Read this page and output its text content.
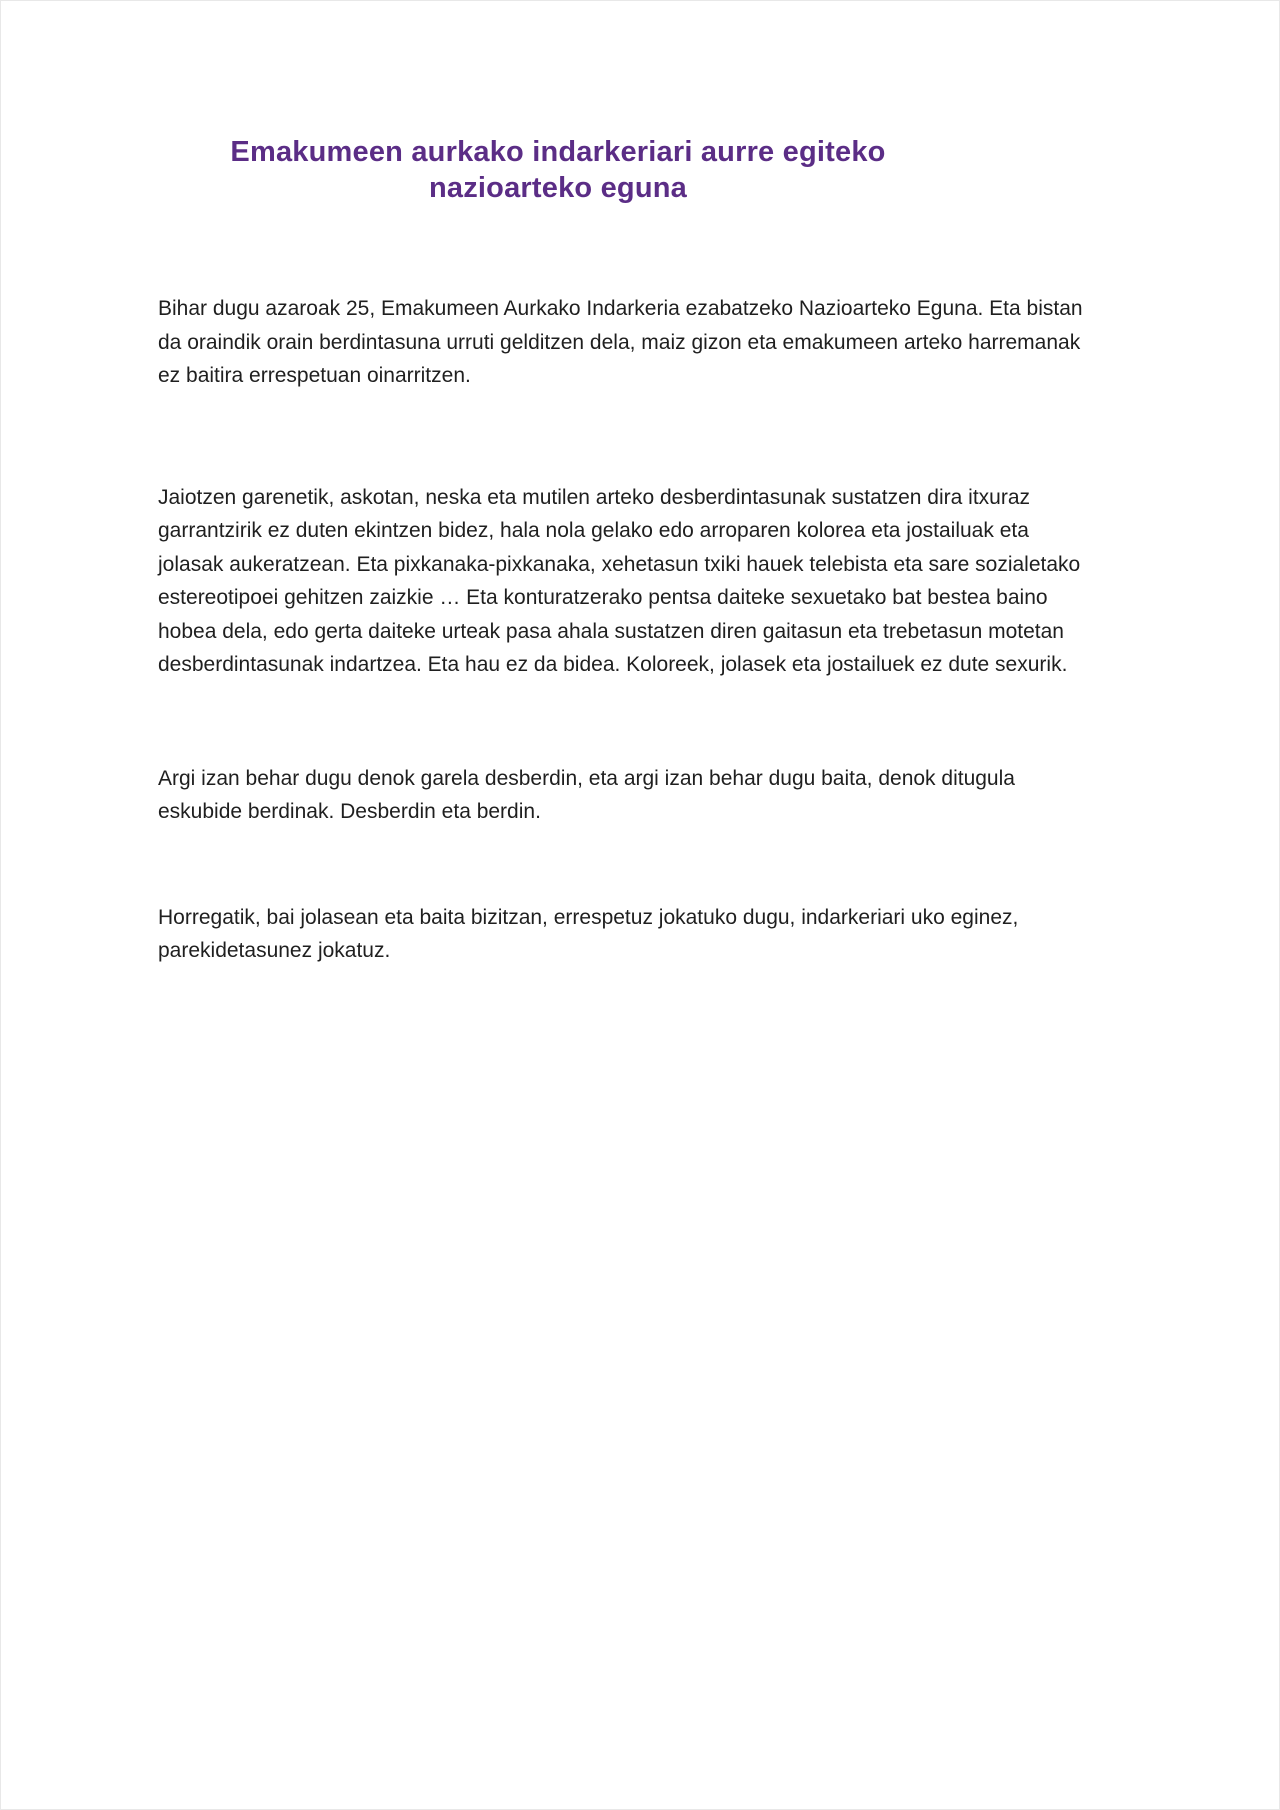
Emakumeen aurkako indarkeriari aurre egiteko nazioarteko eguna

Bihar dugu azaroak 25, Emakumeen Aurkako Indarkeria ezabatzeko Nazioarteko Eguna. Eta bistan da oraindik orain berdintasuna urruti gelditzen dela, maiz gizon eta emakumeen arteko harremanak ez baitira errespetuan oinarritzen.

Jaiotzen garenetik, askotan, neska eta mutilen arteko desberdintasunak sustatzen dira itxuraz garrantzirik ez duten ekintzen bidez, hala nola gelako edo arroparen kolorea eta jostailuak eta jolasak aukeratzean. Eta pixkanaka-pixkanaka, xehetasun txiki hauek telebista eta sare sozialetako estereotipoei gehitzen zaizkie … Eta konturatzerako pentsa daiteke sexuetako bat bestea baino hobea dela, edo gerta daiteke urteak pasa ahala sustatzen diren gaitasun eta trebetasun motetan desberdintasunak indartzea. Eta hau ez da bidea. Koloreek, jolasek eta jostailuek ez dute sexurik.

Argi izan behar dugu denok garela desberdin, eta argi izan behar dugu baita, denok ditugula eskubide berdinak. Desberdin eta berdin.

Horregatik, bai jolasean eta baita bizitzan, errespetuz jokatuko dugu, indarkeriari uko eginez, parekidetasunez jokatuz.
